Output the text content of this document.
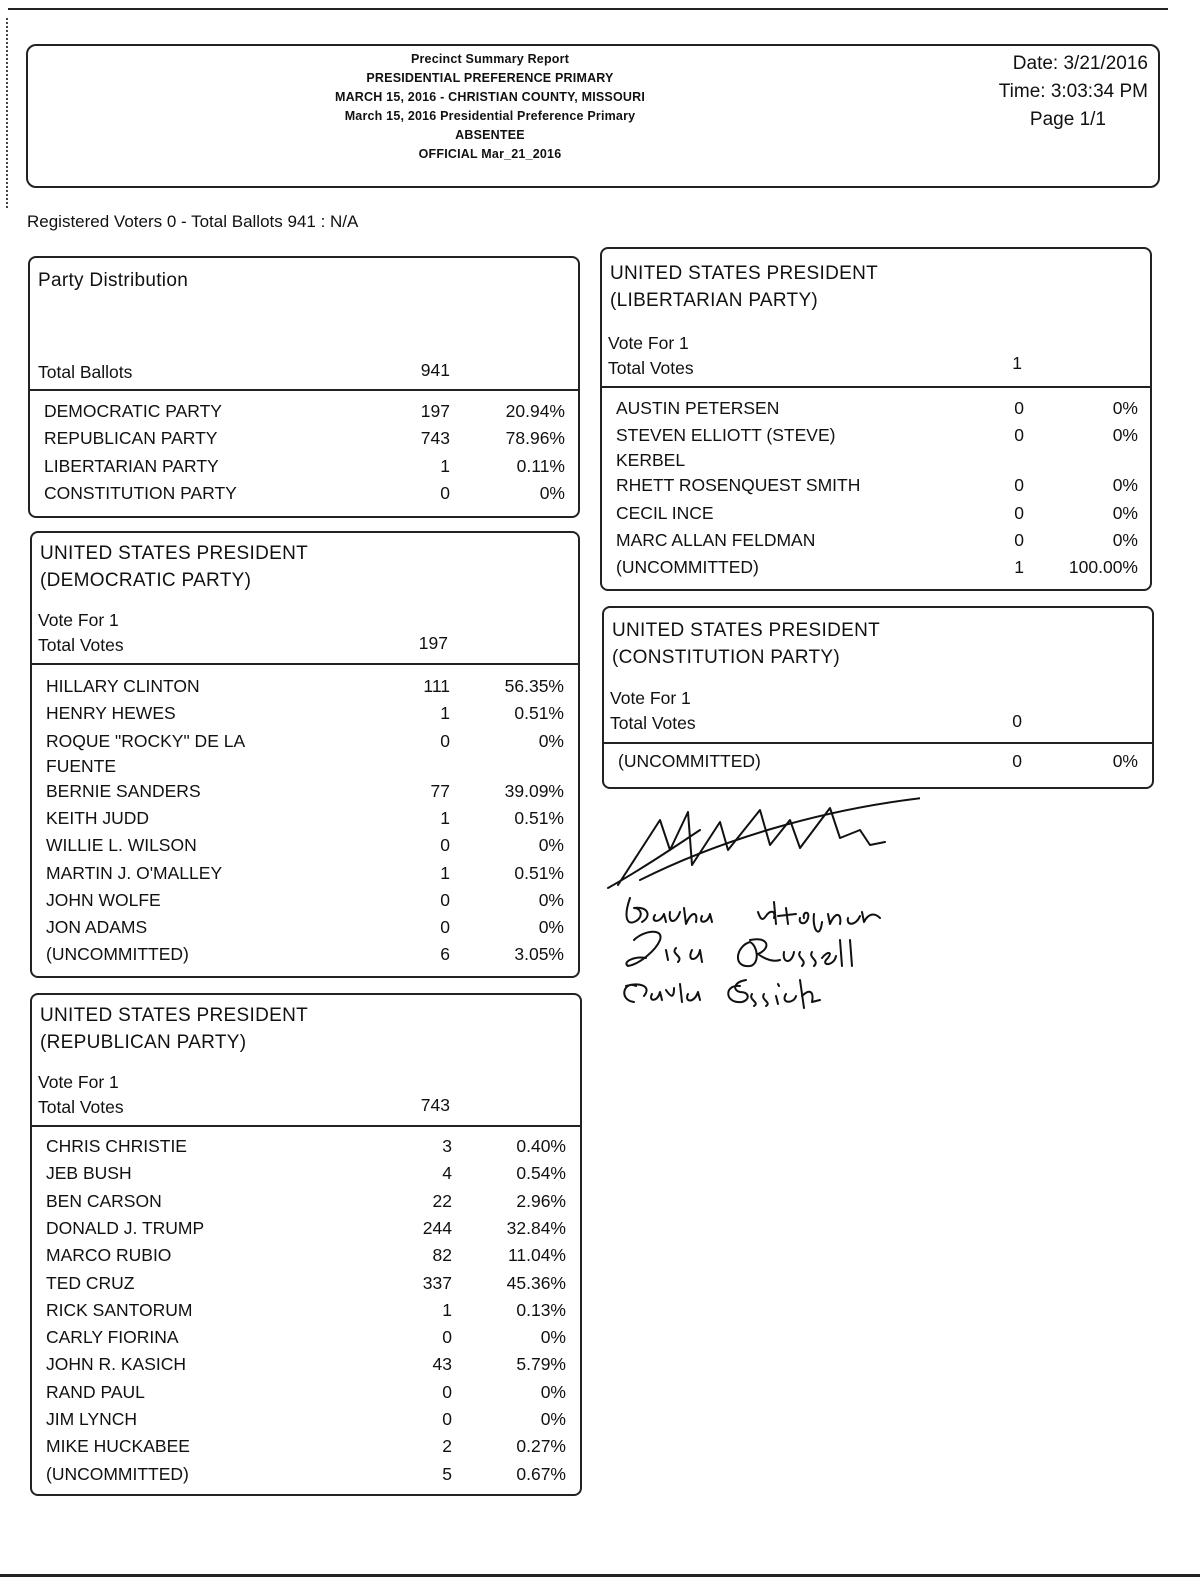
Precinct Summary Report
PRESIDENTIAL PREFERENCE PRIMARY
MARCH 15, 2016 - CHRISTIAN COUNTY, MISSOURI
March 15, 2016 Presidential Preference Primary
ABSENTEE
OFFICIAL Mar_21_2016
Date: 3/21/2016
Time: 3:03:34 PM
Page 1/1
Registered Voters 0 - Total Ballots 941 : N/A
Party Distribution
Total Ballots	941
DEMOCRATIC PARTY	197	20.94%
REPUBLICAN PARTY	743	78.96%
LIBERTARIAN PARTY	1	0.11%
CONSTITUTION PARTY	0	0%
UNITED STATES PRESIDENT
(DEMOCRATIC PARTY)
Vote For 1
Total Votes	197
HILLARY CLINTON	111	56.35%
HENRY HEWES	1	0.51%
ROQUE "ROCKY" DE LA
FUENTE
0	0%
BERNIE SANDERS	77	39.09%
KEITH JUDD	1	0.51%
WILLIE L. WILSON	0	0%
MARTIN J. O'MALLEY	1	0.51%
JOHN WOLFE	0	0%
JON ADAMS	0	0%
(UNCOMMITTED)	6	3.05%
UNITED STATES PRESIDENT
(REPUBLICAN PARTY)
Vote For 1
Total Votes	743
CHRIS CHRISTIE	3	0.40%
JEB BUSH	4	0.54%
BEN CARSON	22	2.96%
DONALD J. TRUMP	244	32.84%
MARCO RUBIO	82	11.04%
TED CRUZ	337	45.36%
RICK SANTORUM	1	0.13%
CARLY FIORINA	0	0%
JOHN R. KASICH	43	5.79%
RAND PAUL	0	0%
JIM LYNCH	0	0%
MIKE HUCKABEE	2	0.27%
(UNCOMMITTED)	5	0.67%
UNITED STATES PRESIDENT
(LIBERTARIAN PARTY)
Vote For 1
Total Votes	1
AUSTIN PETERSEN	0	0%
STEVEN ELLIOTT (STEVE)
KERBEL
0	0%
RHETT ROSENQUEST SMITH	0	0%
CECIL INCE	0	0%
MARC ALLAN FELDMAN	0	0%
(UNCOMMITTED)	1	100.00%
UNITED STATES PRESIDENT
(CONSTITUTION PARTY)
Vote For 1
Total Votes	0
(UNCOMMITTED)	0	0%
